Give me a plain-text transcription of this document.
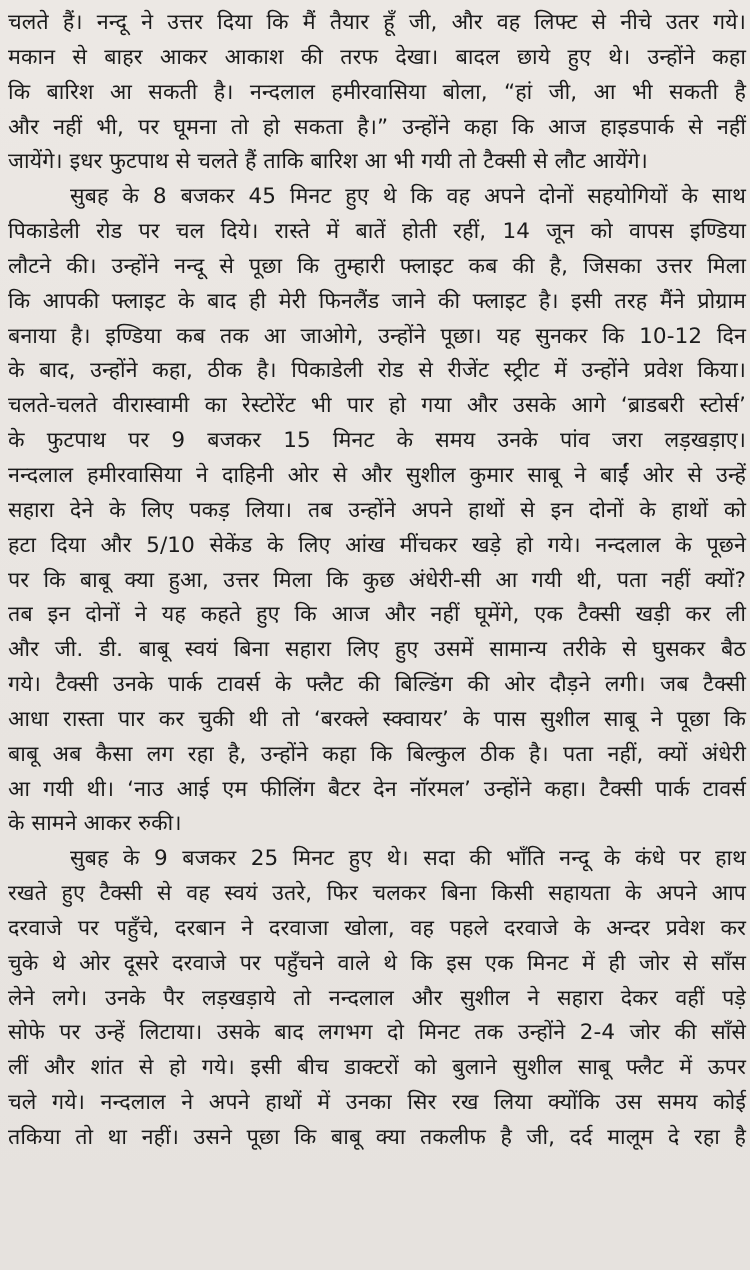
चलते हैं। नन्दू ने उत्तर दिया कि मैं तैयार हूँ जी, और वह लिफ्ट से नीचे उतर गये।
मकान से बाहर आकर आकाश की तरफ देखा। बादल छाये हुए थे। उन्होंने कहा
कि बारिश आ सकती है। नन्दलाल हमीरवासिया बोला, “हां जी, आ भी सकती है
और नहीं भी, पर घूमना तो हो सकता है।” उन्होंने कहा कि आज हाइडपार्क से नहीं
जायेंगे। इधर फुटपाथ से चलते हैं ताकि बारिश आ भी गयी तो टैक्सी से लौट आयेंगे।
सुबह के 8 बजकर 45 मिनट हुए थे कि वह अपने दोनों सहयोगियों के साथ
पिकाडेली रोड पर चल दिये। रास्ते में बातें होती रहीं, 14 जून को वापस इण्डिया
लौटने की। उन्होंने नन्दू से पूछा कि तुम्हारी फ्लाइट कब की है, जिसका उत्तर मिला
कि आपकी फ्लाइट के बाद ही मेरी फिनलैंड जाने की फ्लाइट है। इसी तरह मैंने प्रोग्राम
बनाया है। इण्डिया कब तक आ जाओगे, उन्होंने पूछा। यह सुनकर कि 10-12 दिन
के बाद, उन्होंने कहा, ठीक है। पिकाडेली रोड से रीजेंट स्ट्रीट में उन्होंने प्रवेश किया।
चलते-चलते वीरास्वामी का रेस्टोरेंट भी पार हो गया और उसके आगे ‘ब्राडबरी स्टोर्स’
के फुटपाथ पर 9 बजकर 15 मिनट के समय उनके पांव जरा लड़खड़ाए।
नन्दलाल हमीरवासिया ने दाहिनी ओर से और सुशील कुमार साबू ने बाईं ओर से उन्हें
सहारा देने के लिए पकड़ लिया। तब उन्होंने अपने हाथों से इन दोनों के हाथों को
हटा दिया और 5/10 सेकेंड के लिए आंख मींचकर खड़े हो गये। नन्दलाल के पूछने
पर कि बाबू क्या हुआ, उत्तर मिला कि कुछ अंधेरी-सी आ गयी थी, पता नहीं क्यों?
तब इन दोनों ने यह कहते हुए कि आज और नहीं घूमेंगे, एक टैक्सी खड़ी कर ली
और जी. डी. बाबू स्वयं बिना सहारा लिए हुए उसमें सामान्य तरीके से घुसकर बैठ
गये। टैक्सी उनके पार्क टावर्स के फ्लैट की बिल्डिंग की ओर दौड़ने लगी। जब टैक्सी
आधा रास्ता पार कर चुकी थी तो ‘बरक्ले स्क्वायर’ के पास सुशील साबू ने पूछा कि
बाबू अब कैसा लग रहा है, उन्होंने कहा कि बिल्कुल ठीक है। पता नहीं, क्यों अंधेरी
आ गयी थी। ‘नाउ आई एम फीलिंग बैटर देन नॉरमल’ उन्होंने कहा। टैक्सी पार्क टावर्स
के सामने आकर रुकी।
सुबह के 9 बजकर 25 मिनट हुए थे। सदा की भाँति नन्दू के कंधे पर हाथ
रखते हुए टैक्सी से वह स्वयं उतरे, फिर चलकर बिना किसी सहायता के अपने आप
दरवाजे पर पहुँचे, दरबान ने दरवाजा खोला, वह पहले दरवाजे के अन्दर प्रवेश कर
चुके थे ओर दूसरे दरवाजे पर पहुँचने वाले थे कि इस एक मिनट में ही जोर से साँस
लेने लगे। उनके पैर लड़खड़ाये तो नन्दलाल और सुशील ने सहारा देकर वहीं पड़े
सोफे पर उन्हें लिटाया। उसके बाद लगभग दो मिनट तक उन्होंने 2-4 जोर की साँसे
लीं और शांत से हो गये। इसी बीच डाक्टरों को बुलाने सुशील साबू फ्लैट में ऊपर
चले गये। नन्दलाल ने अपने हाथों में उनका सिर रख लिया क्योंकि उस समय कोई
तकिया तो था नहीं। उसने पूछा कि बाबू क्या तकलीफ है जी, दर्द मालूम दे रहा है
